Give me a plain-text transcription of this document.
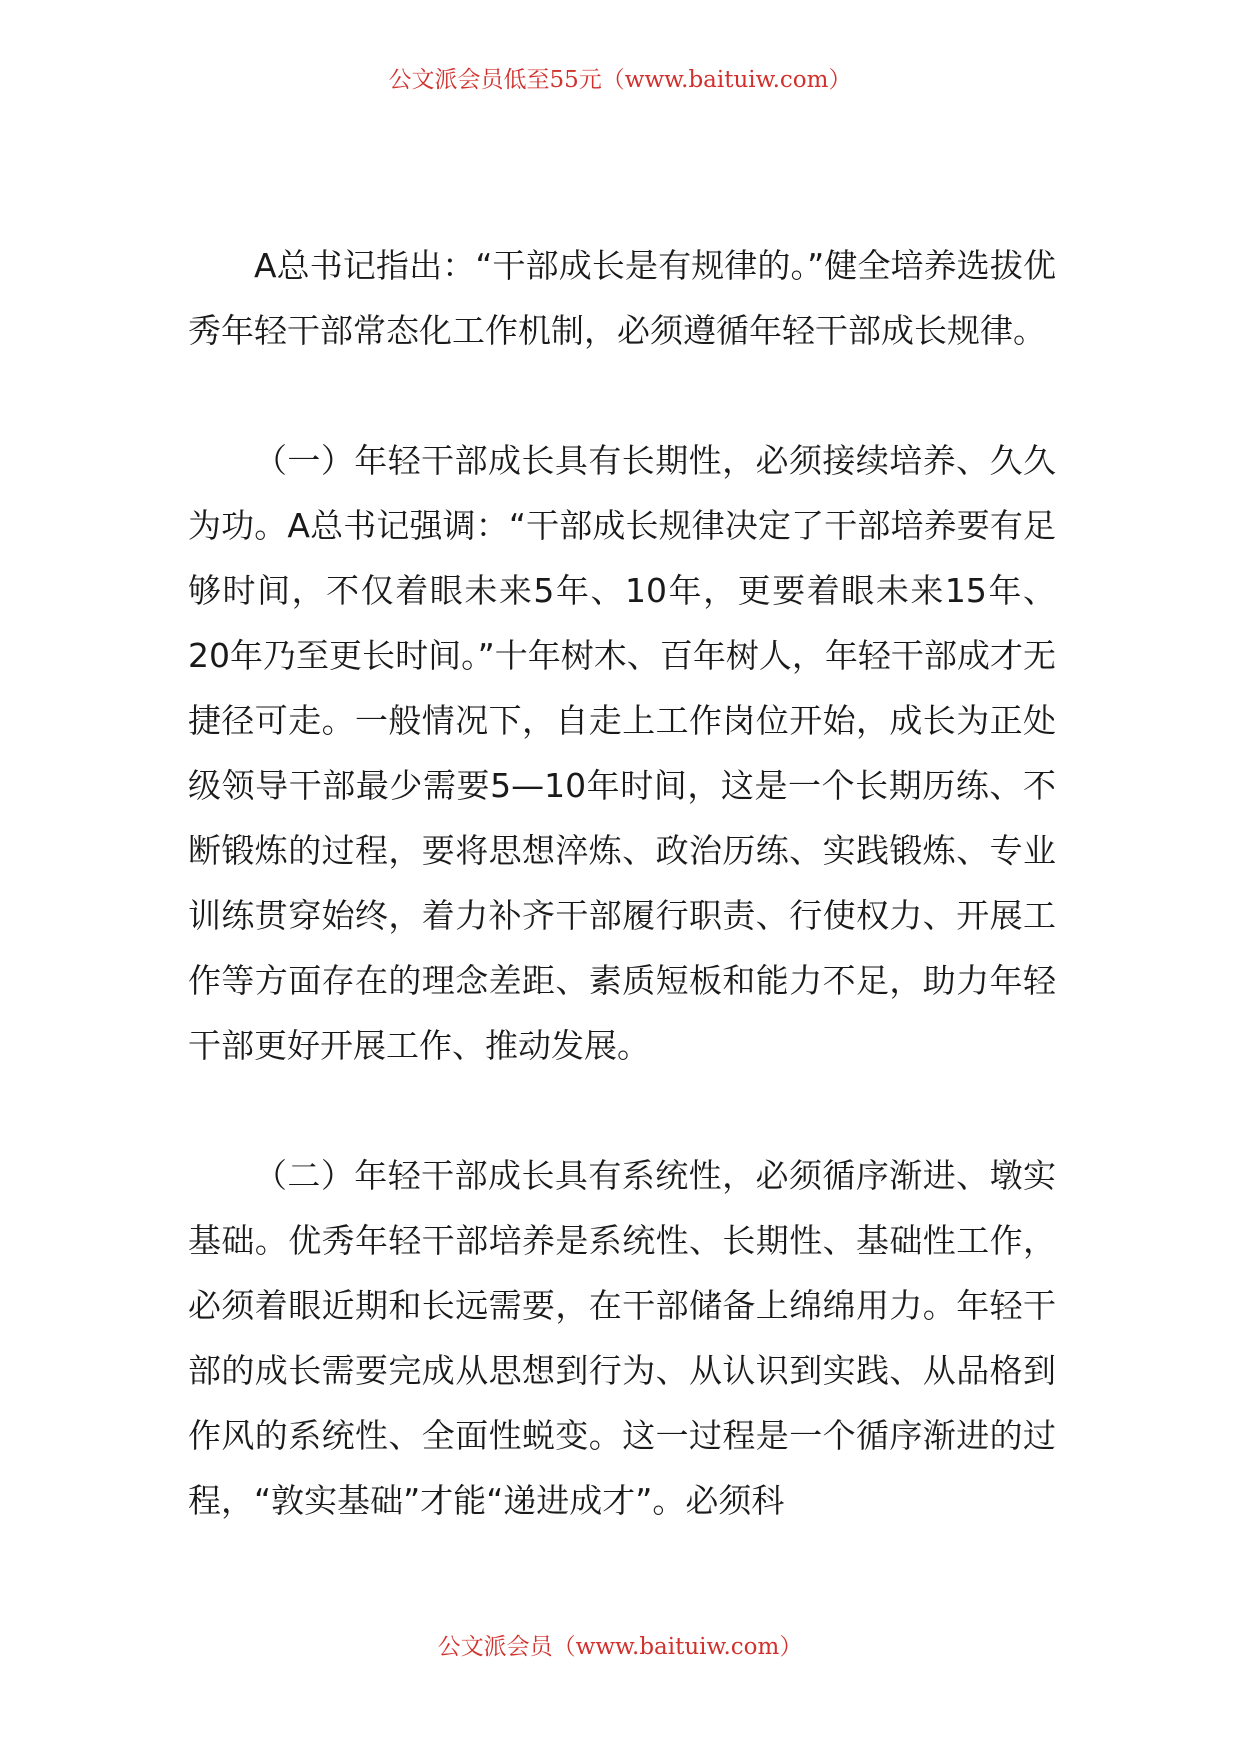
公文派会员低至55元（www.baituiw.com）

A总书记指出：“干部成长是有规律的。”健全培养选拔优秀年轻干部常态化工作机制，必须遵循年轻干部成长规律。

（一）年轻干部成长具有长期性，必须接续培养、久久为功。A总书记强调：“干部成长规律决定了干部培养要有足够时间，不仅着眼未来5年、10年，更要着眼未来15年、20年乃至更长时间。”十年树木、百年树人，年轻干部成才无捷径可走。一般情况下，自走上工作岗位开始，成长为正处级领导干部最少需要5—10年时间，这是一个长期历练、不断锻炼的过程，要将思想淬炼、政治历练、实践锻炼、专业训练贯穿始终，着力补齐干部履行职责、行使权力、开展工作等方面存在的理念差距、素质短板和能力不足，助力年轻干部更好开展工作、推动发展。

（二）年轻干部成长具有系统性，必须循序渐进、墩实基础。优秀年轻干部培养是系统性、长期性、基础性工作，必须着眼近期和长远需要，在干部储备上绵绵用力。年轻干部的成长需要完成从思想到行为、从认识到实践、从品格到作风的系统性、全面性蜕变。这一过程是一个循序渐进的过程，“敦实基础”才能“递进成才”。必须科

公文派会员（www.baituiw.com）
